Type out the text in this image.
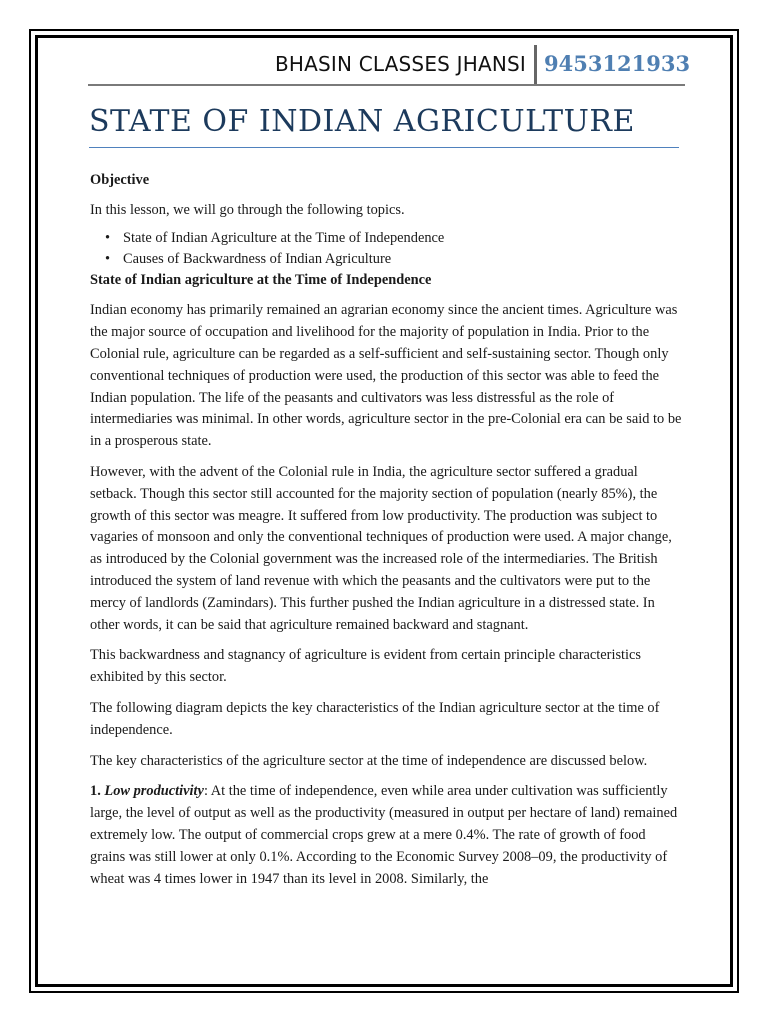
BHASIN CLASSES JHANSI 9453121933
STATE OF INDIAN AGRICULTURE

Objective

In this lesson, we will go through the following topics.

• State of Indian Agriculture at the Time of Independence
• Causes of Backwardness of Indian Agriculture

State of Indian agriculture at the Time of Independence

Indian economy has primarily remained an agrarian economy since the ancient times. Agriculture was the major source of occupation and livelihood for the majority of population in India. Prior to the Colonial rule, agriculture can be regarded as a self-sufficient and self-sustaining sector. Though only conventional techniques of production were used, the production of this sector was able to feed the Indian population. The life of the peasants and cultivators was less distressful as the role of intermediaries was minimal. In other words, agriculture sector in the pre-Colonial era can be said to be in a prosperous state.

However, with the advent of the Colonial rule in India, the agriculture sector suffered a gradual setback. Though this sector still accounted for the majority section of population (nearly 85%), the growth of this sector was meagre. It suffered from low productivity. The production was subject to vagaries of monsoon and only the conventional techniques of production were used. A major change, as introduced by the Colonial government was the increased role of the intermediaries. The British introduced the system of land revenue with which the peasants and the cultivators were put to the mercy of landlords (Zamindars). This further pushed the Indian agriculture in a distressed state. In other words, it can be said that agriculture remained backward and stagnant.

This backwardness and stagnancy of agriculture is evident from certain principle characteristics exhibited by this sector.

The following diagram depicts the key characteristics of the Indian agriculture sector at the time of independence.

The key characteristics of the agriculture sector at the time of independence are discussed below.

1. Low productivity: At the time of independence, even while area under cultivation was sufficiently large, the level of output as well as the productivity (measured in output per hectare of land) remained extremely low. The output of commercial crops grew at a mere 0.4%. The rate of growth of food grains was still lower at only 0.1%. According to the Economic Survey 2008–09, the productivity of wheat was 4 times lower in 1947 than its level in 2008. Similarly, the
